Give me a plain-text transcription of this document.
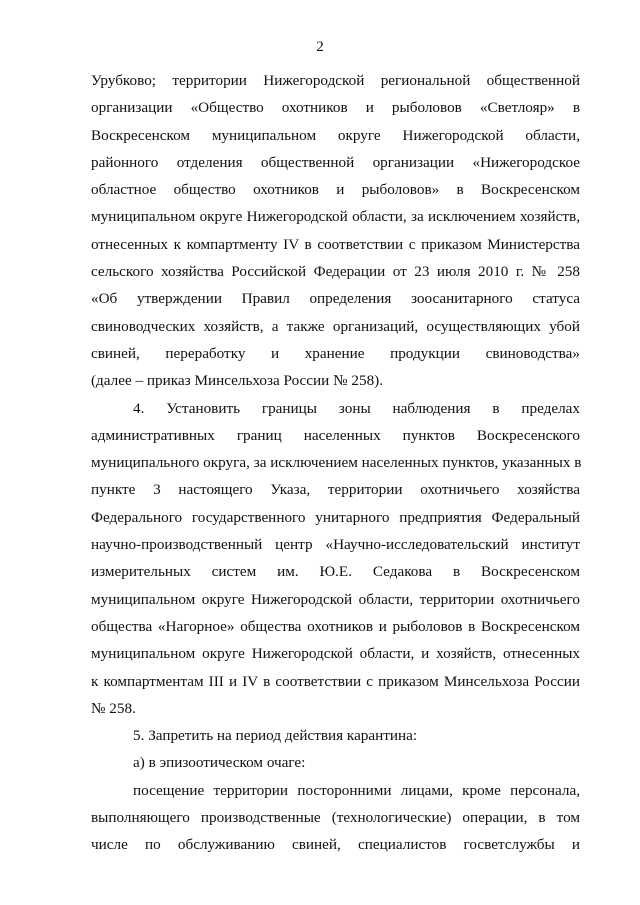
2
Урубково; территории Нижегородской региональной общественной
организации «Общество охотников и рыболовов «Светлояр» в
Воскресенском муниципальном округе Нижегородской области,
районного отделения общественной организации «Нижегородское
областное общество охотников и рыболовов» в Воскресенском
муниципальном округе Нижегородской области, за исключением хозяйств,
отнесенных к компартменту IV в соответствии с приказом Министерства
сельского хозяйства Российской Федерации от 23 июля 2010 г. № 258
«Об утверждении Правил определения зоосанитарного статуса
свиноводческих хозяйств, а также организаций, осуществляющих убой
свиней, переработку и хранение продукции свиноводства»
(далее – приказ Минсельхоза России № 258).
4. Установить границы зоны наблюдения в пределах
административных границ населенных пунктов Воскресенского
муниципального округа, за исключением населенных пунктов, указанных в
пункте 3 настоящего Указа, территории охотничьего хозяйства
Федерального государственного унитарного предприятия Федеральный
научно-производственный центр «Научно-исследовательский институт
измерительных систем им. Ю.Е. Седакова в Воскресенском
муниципальном округе Нижегородской области, территории охотничьего
общества «Нагорное» общества охотников и рыболовов в Воскресенском
муниципальном округе Нижегородской области, и хозяйств, отнесенных
к компартментам III и IV в соответствии с приказом Минсельхоза России
№ 258.
5. Запретить на период действия карантина:
а) в эпизоотическом очаге:
посещение территории посторонними лицами, кроме персонала,
выполняющего производственные (технологические) операции, в том
числе по обслуживанию свиней, специалистов госветслужбы и
